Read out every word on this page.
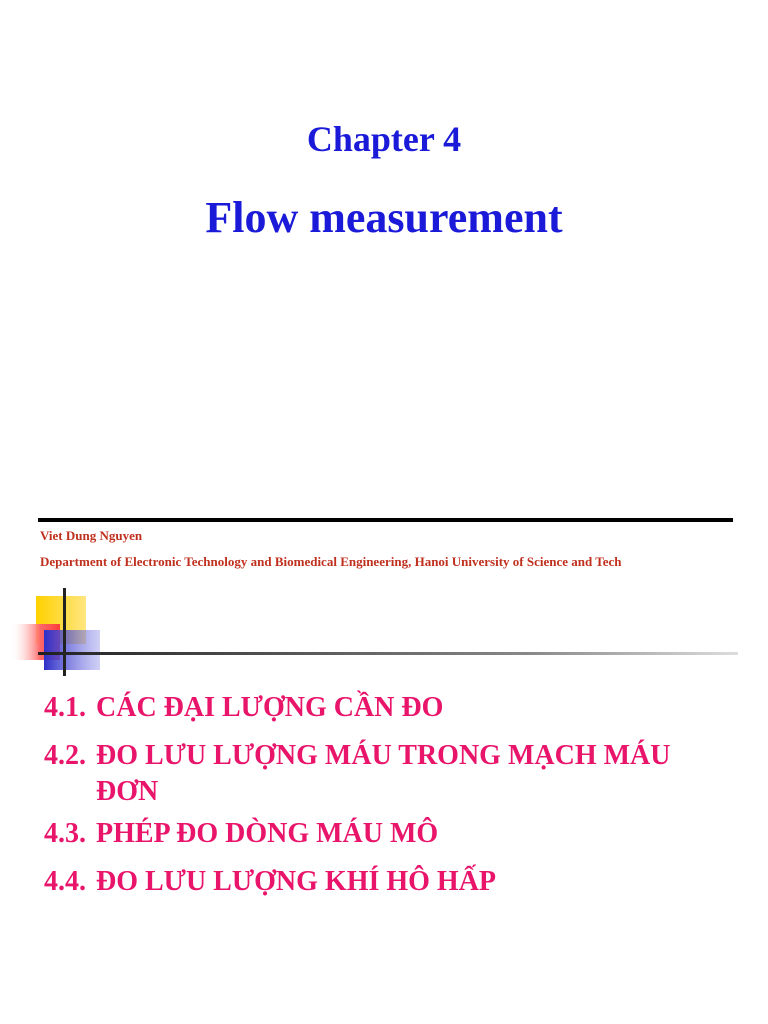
Chapter 4
Flow measurement
Viet Dung Nguyen
Department of Electronic Technology and Biomedical Engineering, Hanoi University of Science and Tech
4.1. CÁC ĐẠI LƯỢNG CẦN ĐO
4.2. ĐO LƯU LƯỢNG MÁU TRONG MẠCH MÁU ĐƠN
4.3. PHÉP ĐO DÒNG MÁU MÔ
4.4. ĐO LƯU LƯỢNG KHÍ HÔ HẤP
